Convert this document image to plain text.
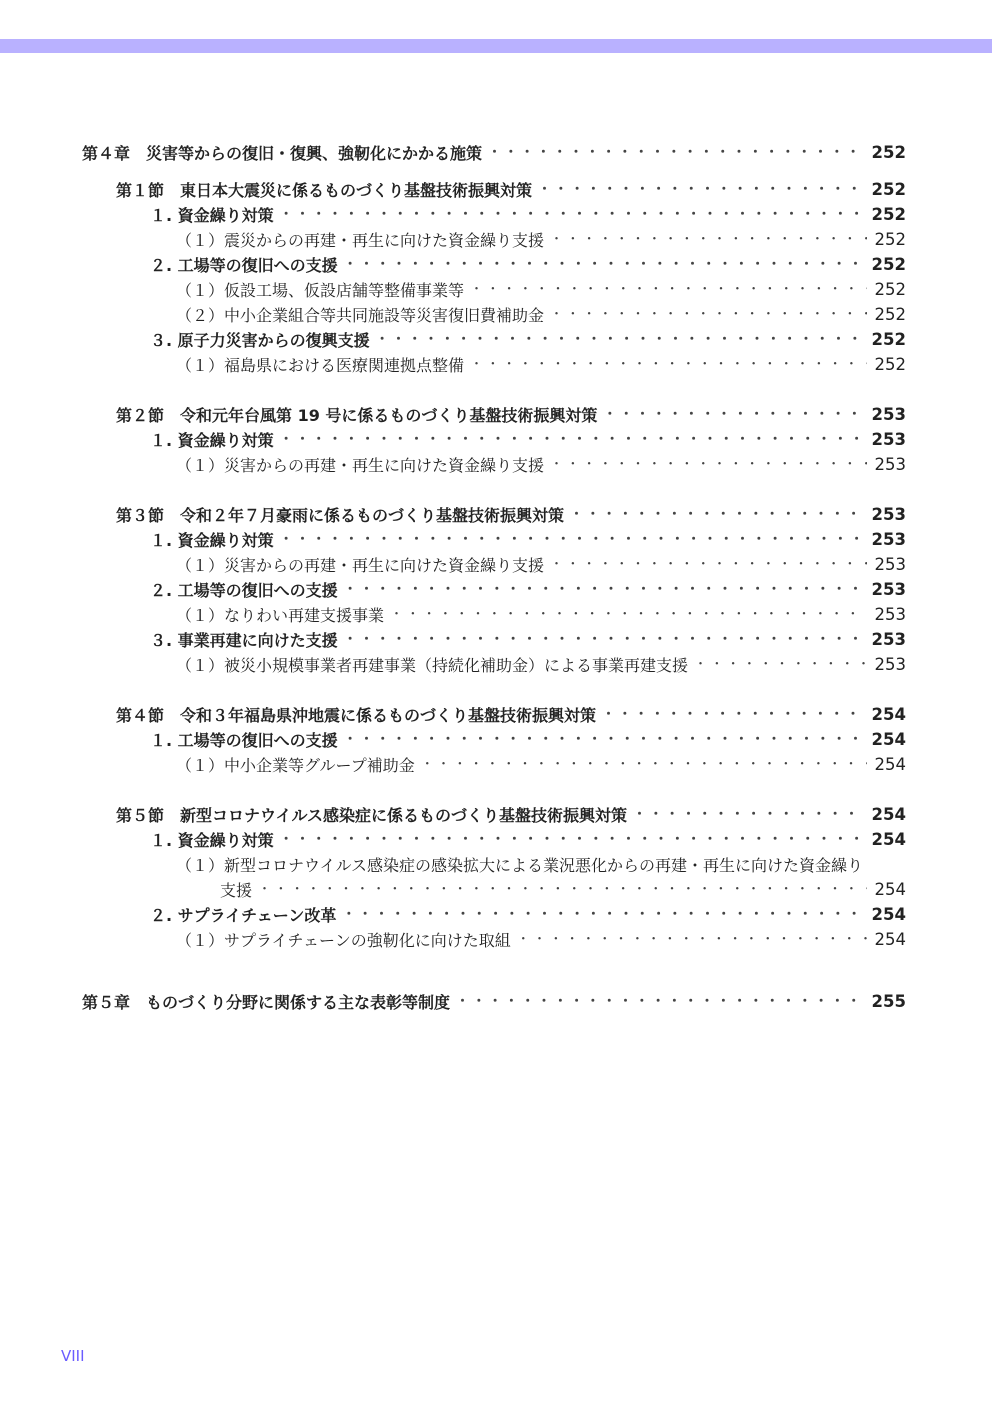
第４章　災害等からの復旧・復興、強靭化にかかる施策 ・・・・・・・・・・・・・・・・・・・・・・・・・・・・・・・・・・・・・・・・・・・・・・・・・・・・・・・・・・・・・・・・・・・・・・・・・・・・・・・・	252
第１節　東日本大震災に係るものづくり基盤技術振興対策 ・・・・・・・・・・・・・・・・・・・・・・・・・・・・・・・・・・・・・・・・・・・・・・・・・・・・・・・・・・・・・・・・・・・・・・・・・・・・・・・・	252
１. 資金繰り対策 ・・・・・・・・・・・・・・・・・・・・・・・・・・・・・・・・・・・・・・・・・・・・・・・・・・・・・・・・・・・・・・・・・・・・・・・・・・・・・・・・	252
（１）震災からの再建・再生に向けた資金繰り支援 ・・・・・・・・・・・・・・・・・・・・・・・・・・・・・・・・・・・・・・・・・・・・・・・・・・・・・・・・・・・・・・・・・・・・・・・・・・・・・・・・	252
２. 工場等の復旧への支援 ・・・・・・・・・・・・・・・・・・・・・・・・・・・・・・・・・・・・・・・・・・・・・・・・・・・・・・・・・・・・・・・・・・・・・・・・・・・・・・・・	252
（１）仮設工場、仮設店舗等整備事業等 ・・・・・・・・・・・・・・・・・・・・・・・・・・・・・・・・・・・・・・・・・・・・・・・・・・・・・・・・・・・・・・・・・・・・・・・・・・・・・・・・	252
（２）中小企業組合等共同施設等災害復旧費補助金 ・・・・・・・・・・・・・・・・・・・・・・・・・・・・・・・・・・・・・・・・・・・・・・・・・・・・・・・・・・・・・・・・・・・・・・・・・・・・・・・・	252
３. 原子力災害からの復興支援 ・・・・・・・・・・・・・・・・・・・・・・・・・・・・・・・・・・・・・・・・・・・・・・・・・・・・・・・・・・・・・・・・・・・・・・・・・・・・・・・・	252
（１）福島県における医療関連拠点整備 ・・・・・・・・・・・・・・・・・・・・・・・・・・・・・・・・・・・・・・・・・・・・・・・・・・・・・・・・・・・・・・・・・・・・・・・・・・・・・・・・	252
第２節　令和元年台風第 19 号に係るものづくり基盤技術振興対策 ・・・・・・・・・・・・・・・・・・・・・・・・・・・・・・・・・・・・・・・・・・・・・・・・・・・・・・・・・・・・・・・・・・・・・・・・・・・・・・・・	253
１. 資金繰り対策 ・・・・・・・・・・・・・・・・・・・・・・・・・・・・・・・・・・・・・・・・・・・・・・・・・・・・・・・・・・・・・・・・・・・・・・・・・・・・・・・・	253
（１）災害からの再建・再生に向けた資金繰り支援 ・・・・・・・・・・・・・・・・・・・・・・・・・・・・・・・・・・・・・・・・・・・・・・・・・・・・・・・・・・・・・・・・・・・・・・・・・・・・・・・・	253
第３節　令和２年７月豪雨に係るものづくり基盤技術振興対策 ・・・・・・・・・・・・・・・・・・・・・・・・・・・・・・・・・・・・・・・・・・・・・・・・・・・・・・・・・・・・・・・・・・・・・・・・・・・・・・・・	253
１. 資金繰り対策 ・・・・・・・・・・・・・・・・・・・・・・・・・・・・・・・・・・・・・・・・・・・・・・・・・・・・・・・・・・・・・・・・・・・・・・・・・・・・・・・・	253
（１）災害からの再建・再生に向けた資金繰り支援 ・・・・・・・・・・・・・・・・・・・・・・・・・・・・・・・・・・・・・・・・・・・・・・・・・・・・・・・・・・・・・・・・・・・・・・・・・・・・・・・・	253
２. 工場等の復旧への支援 ・・・・・・・・・・・・・・・・・・・・・・・・・・・・・・・・・・・・・・・・・・・・・・・・・・・・・・・・・・・・・・・・・・・・・・・・・・・・・・・・	253
（１）なりわい再建支援事業 ・・・・・・・・・・・・・・・・・・・・・・・・・・・・・・・・・・・・・・・・・・・・・・・・・・・・・・・・・・・・・・・・・・・・・・・・・・・・・・・・	253
３. 事業再建に向けた支援 ・・・・・・・・・・・・・・・・・・・・・・・・・・・・・・・・・・・・・・・・・・・・・・・・・・・・・・・・・・・・・・・・・・・・・・・・・・・・・・・・	253
（１）被災小規模事業者再建事業（持続化補助金）による事業再建支援 ・・・・・・・・・・・・・・・・・・・・・・・・・・・・・・・・・・・・・・・・・・・・・・・・・・・・・・・・・・・・・・・・・・・・・・・・・・・・・・・・	253
第４節　令和３年福島県沖地震に係るものづくり基盤技術振興対策 ・・・・・・・・・・・・・・・・・・・・・・・・・・・・・・・・・・・・・・・・・・・・・・・・・・・・・・・・・・・・・・・・・・・・・・・・・・・・・・・・	254
１. 工場等の復旧への支援 ・・・・・・・・・・・・・・・・・・・・・・・・・・・・・・・・・・・・・・・・・・・・・・・・・・・・・・・・・・・・・・・・・・・・・・・・・・・・・・・・	254
（１）中小企業等グループ補助金 ・・・・・・・・・・・・・・・・・・・・・・・・・・・・・・・・・・・・・・・・・・・・・・・・・・・・・・・・・・・・・・・・・・・・・・・・・・・・・・・・	254
第５節　新型コロナウイルス感染症に係るものづくり基盤技術振興対策 ・・・・・・・・・・・・・・・・・・・・・・・・・・・・・・・・・・・・・・・・・・・・・・・・・・・・・・・・・・・・・・・・・・・・・・・・・・・・・・・・	254
１. 資金繰り対策 ・・・・・・・・・・・・・・・・・・・・・・・・・・・・・・・・・・・・・・・・・・・・・・・・・・・・・・・・・・・・・・・・・・・・・・・・・・・・・・・・	254
（１）新型コロナウイルス感染症の感染拡大による業況悪化からの再建・再生に向けた資金繰り
支援 ・・・・・・・・・・・・・・・・・・・・・・・・・・・・・・・・・・・・・・・・・・・・・・・・・・・・・・・・・・・・・・・・・・・・・・・・・・・・・・・・	254
２. サプライチェーン改革 ・・・・・・・・・・・・・・・・・・・・・・・・・・・・・・・・・・・・・・・・・・・・・・・・・・・・・・・・・・・・・・・・・・・・・・・・・・・・・・・・	254
（１）サプライチェーンの強靭化に向けた取組 ・・・・・・・・・・・・・・・・・・・・・・・・・・・・・・・・・・・・・・・・・・・・・・・・・・・・・・・・・・・・・・・・・・・・・・・・・・・・・・・・	254
第５章　ものづくり分野に関係する主な表彰等制度 ・・・・・・・・・・・・・・・・・・・・・・・・・・・・・・・・・・・・・・・・・・・・・・・・・・・・・・・・・・・・・・・・・・・・・・・・・・・・・・・・	255
VIII
